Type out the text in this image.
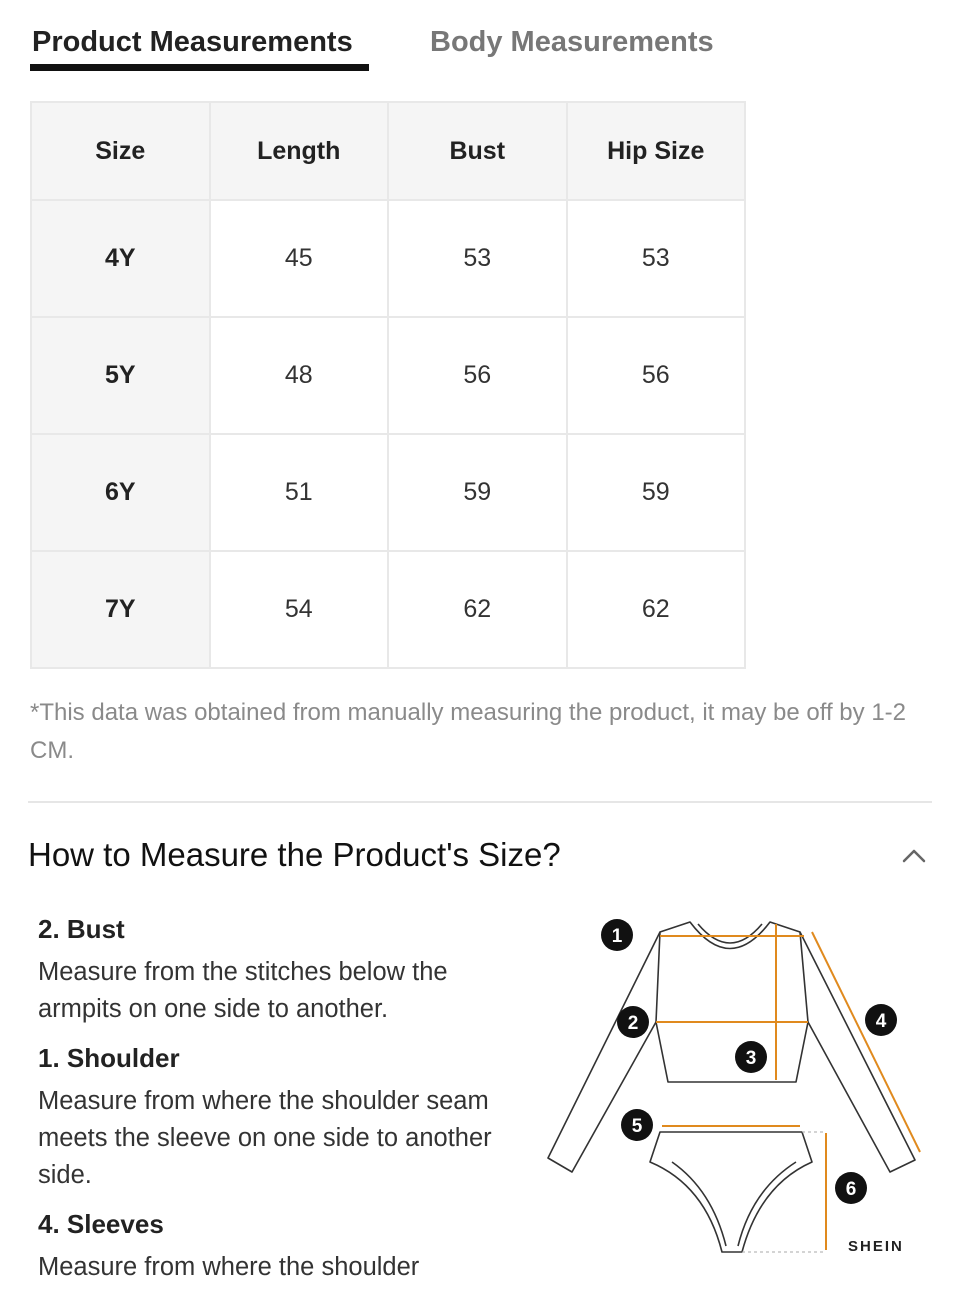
Product Measurements	Body Measurements
Size	Length	Bust	Hip Size
4Y	45	53	53
5Y	48	56	56
6Y	51	59	59
7Y	54	62	62
*This data was obtained from manually measuring the product, it may be off by 1-2 CM.
How to Measure the Product's Size?
2. Bust
Measure from the stitches below the armpits on one side to another.
1. Shoulder
Measure from where the shoulder seam meets the sleeve on one side to another side.
4. Sleeves
Measure from where the shoulder
1
2
3
4
5
6
SHEIN
